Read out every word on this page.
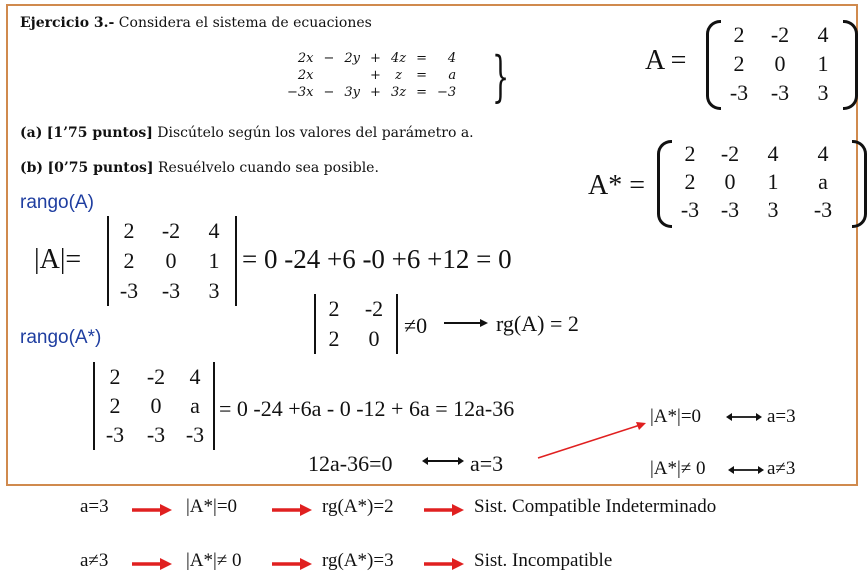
Ejercicio 3.- Considera el sistema de ecuaciones
2x	−	2y	+	4z	=	4
2x			+	z	=	a
−3x	−	3y	+	3z	=	−3 }
(a) [1’75 puntos] Discútelo según los valores del parámetro a.
(b) [0’75 puntos] Resuélvelo cuando sea posible.
A =
2 -2 4
2 0 1
-3 -3 3
A* =
2 -2 4 4
2 0 1 a
-3 -3 3 -3
rango(A)
|A|=
2 -2 4
2 0 1
-3 -3 3
= 0 -24 +6 -0 +6 +12 = 0
2 -2
2 0
≠0	rg(A) = 2
rango(A*)
2 -2 4
2 0 a
-3 -3 -3
= 0 -24 +6a - 0 -12 + 6a = 12a-36
12a-36=0	a=3
|A*|=0	a=3
|A*|≠ 0	a≠3
a=3	|A*|=0	rg(A*)=2	Sist. Compatible Indeterminado
a≠3	|A*|≠ 0	rg(A*)=3	Sist. Incompatible
